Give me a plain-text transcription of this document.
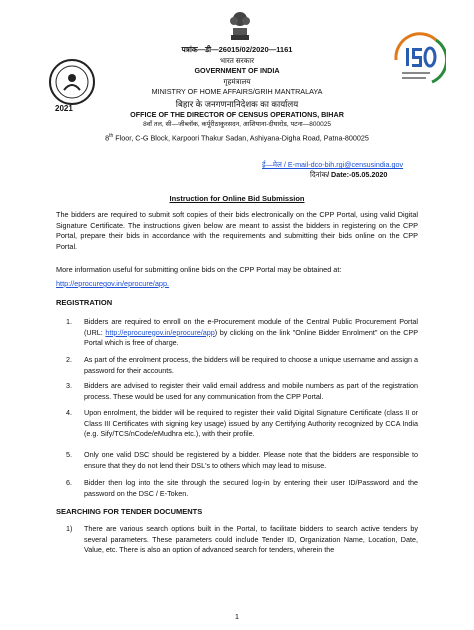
2021
पत्रांक—डी—26015/02/2020—1161
भारत सरकार
GOVERNMENT OF INDIA
गृहमंत्रालय
MINISTRY OF HOME AFFAIRS/GRIH MANTRALAYA
बिहार के जनगणनानिदेशक का कार्यालय
OFFICE OF THE DIRECTOR OF CENSUS OPERATIONS, BIHAR
8वाँ तल, सी—जीब्लॉक, कर्पूरीठाकुरसदन, आशियाना-दीघारोड, पटना—800025
8th Floor, C-G Block, Karpoori Thakur Sadan, Ashiyana-Digha Road, Patna-800025
ई—मेल / E-mail-dco-bih.rgi@censusindia.gov
दिनांक/ Date:-05.05.2020
Instruction for Online Bid Submission
The bidders are required to submit soft copies of their bids electronically on the CPP Portal, using valid Digital Signature Certificate. The instructions given below are meant to assist the bidders in registering on the CPP Portal, prepare their bids in accordance with the requirements and submitting their bids online on the CPP Portal.
More information useful for submitting online bids on the CPP Portal may be obtained at:
http://eprocuregov.in/eprocure/app.
REGISTRATION
1. Bidders are required to enroll on the e-Procurement module of the Central Public Procurement Portal (URL: http://eprocuregov.in/eprocure/app) by clicking on the link "Online Bidder Enrolment" on the CPP Portal which is free of charge.
2. As part of the enrolment process, the bidders will be required to choose a unique username and assign a password for their accounts.
3. Bidders are advised to register their valid email address and mobile numbers as part of the registration process. These would be used for any communication from the CPP Portal.
4. Upon enrolment, the bidder will be required to register their valid Digital Signature Certificate (class II or Class III Certificates with signing key usage) issued by any Certifying Authority recognized by CCA India (e.g. Sify/TCS/nCode/eMudhra etc.), with their profile.
5. Only one valid DSC should be registered by a bidder. Please note that the bidders are responsible to ensure that they do not lend their DSL's to others which may lead to misuse.
6. Bidder then log into the site through the secured log-in by entering their user ID/Password and the password on the DSC / E-Token.
SEARCHING FOR TENDER DOCUMENTS
1) There are various search options built in the Portal, to facilitate bidders to search active tenders by several parameters. These parameters could include Tender ID, Organization Name, Location, Date, Value, etc. There is also an option of advanced search for tenders, wherein the
1
